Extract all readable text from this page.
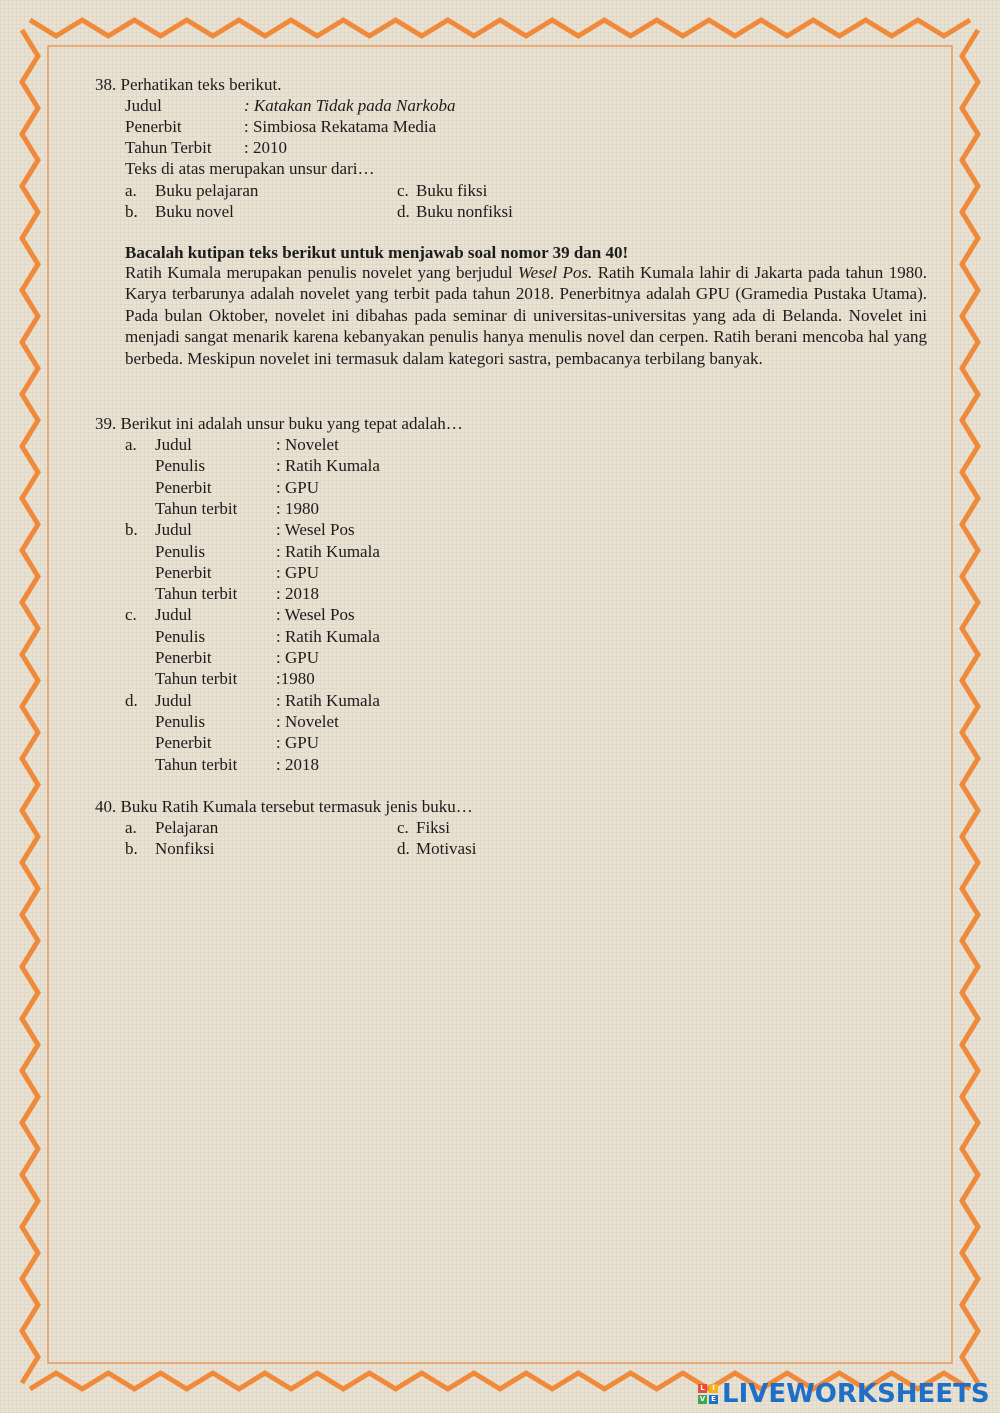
38. Perhatikan teks berikut.
Judul	: Katakan Tidak pada Narkoba
Penerbit	: Simbiosa Rekatama Media
Tahun Terbit : 2010
Teks di atas merupakan unsur dari…
a. Buku pelajaran	c. Buku fiksi
b. Buku novel	d. Buku nonfiksi
Bacalah kutipan teks berikut untuk menjawab soal nomor 39 dan 40!
Ratih Kumala merupakan penulis novelet yang berjudul Wesel Pos. Ratih Kumala lahir di Jakarta pada tahun 1980. Karya terbarunya adalah novelet yang terbit pada tahun 2018. Penerbitnya adalah GPU (Gramedia Pustaka Utama). Pada bulan Oktober, novelet ini dibahas pada seminar di universitas-universitas yang ada di Belanda. Novelet ini menjadi sangat menarik karena kebanyakan penulis hanya menulis novel dan cerpen. Ratih berani mencoba hal yang berbeda. Meskipun novelet ini termasuk dalam kategori sastra, pembacanya terbilang banyak.
39. Berikut ini adalah unsur buku yang tepat adalah…
a. Judul	: Novelet
Penulis	: Ratih Kumala
Penerbit	: GPU
Tahun terbit : 1980
b. Judul	: Wesel Pos
Penulis	: Ratih Kumala
Penerbit	: GPU
Tahun terbit : 2018
c. Judul	: Wesel Pos
Penulis	: Ratih Kumala
Penerbit	: GPU
Tahun terbit :1980
d. Judul	: Ratih Kumala
Penulis	: Novelet
Penerbit	: GPU
Tahun terbit : 2018
40. Buku Ratih Kumala tersebut termasuk jenis buku…
a. Pelajaran	c. Fiksi
b. Nonfiksi	d. Motivasi
L	I
V E LIVEWORKSHEETS
